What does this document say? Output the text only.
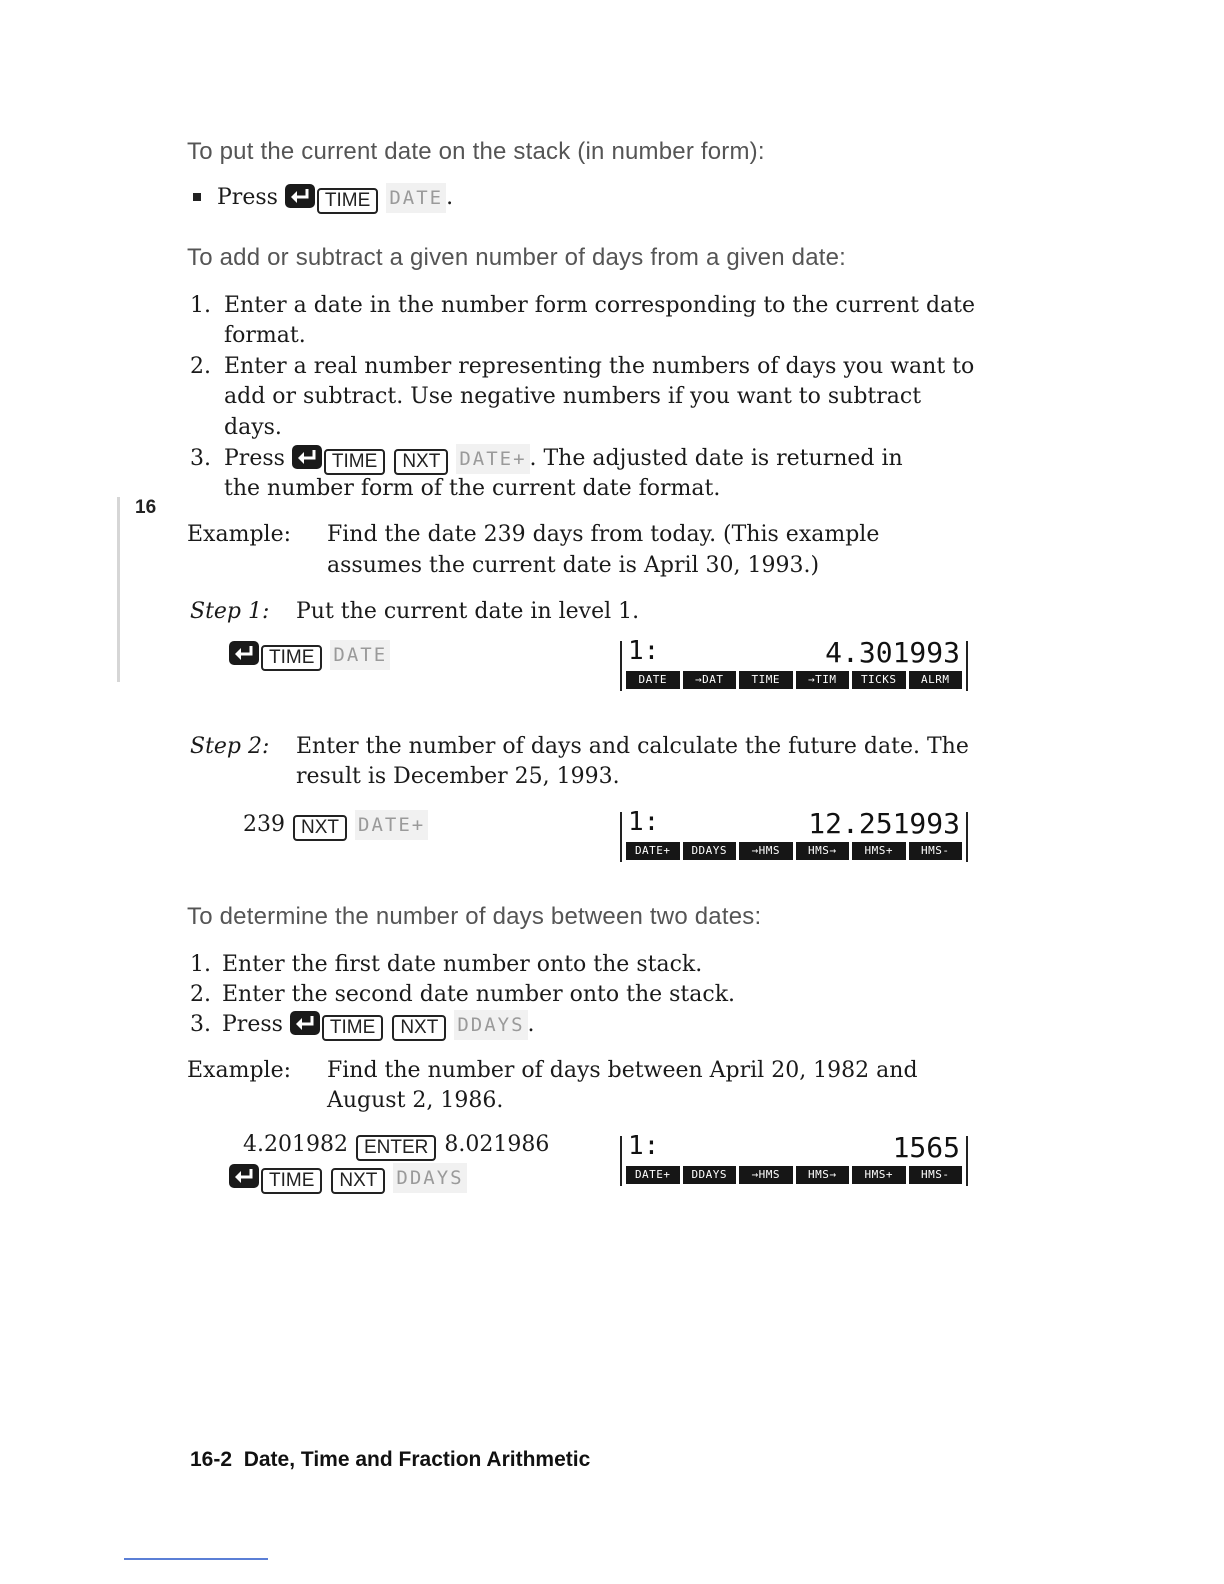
To put the current date on the stack (in number form):
Press TIME DATE .
To add or subtract a given number of days from a given date:
1. Enter a date in the number form corresponding to the current date
format.
2. Enter a real number representing the numbers of days you want to
add or subtract. Use negative numbers if you want to subtract
days.
3. Press TIME NXT DATE+ . The adjusted date is returned in
the number form of the current date format.
16
Example: Find the date 239 days from today. (This example
assumes the current date is April 30, 1993.)
Step 1: Put the current date in level 1.
TIME DATE	1:	4.301993
DATE	→DAT	TIME	→TIM	TICKS	ALRM
Step 2: Enter the number of days and calculate the future date. The
result is December 25, 1993.
239 NXT DATE+	1:	12.251993
DATE+	DDAYS	→HMS	HMS→	HMS+	HMS-
To determine the number of days between two dates:
1. Enter the first date number onto the stack.
2. Enter the second date number onto the stack.
3. Press TIME NXT DDAYS .
Example: Find the number of days between April 20, 1982 and
August 2, 1986.
4.201982 ENTER 8.021986
TIME NXT DDAYS
1:	1565
DATE+	DDAYS	→HMS	HMS→	HMS+	HMS-
16-2 Date, Time and Fraction Arithmetic
